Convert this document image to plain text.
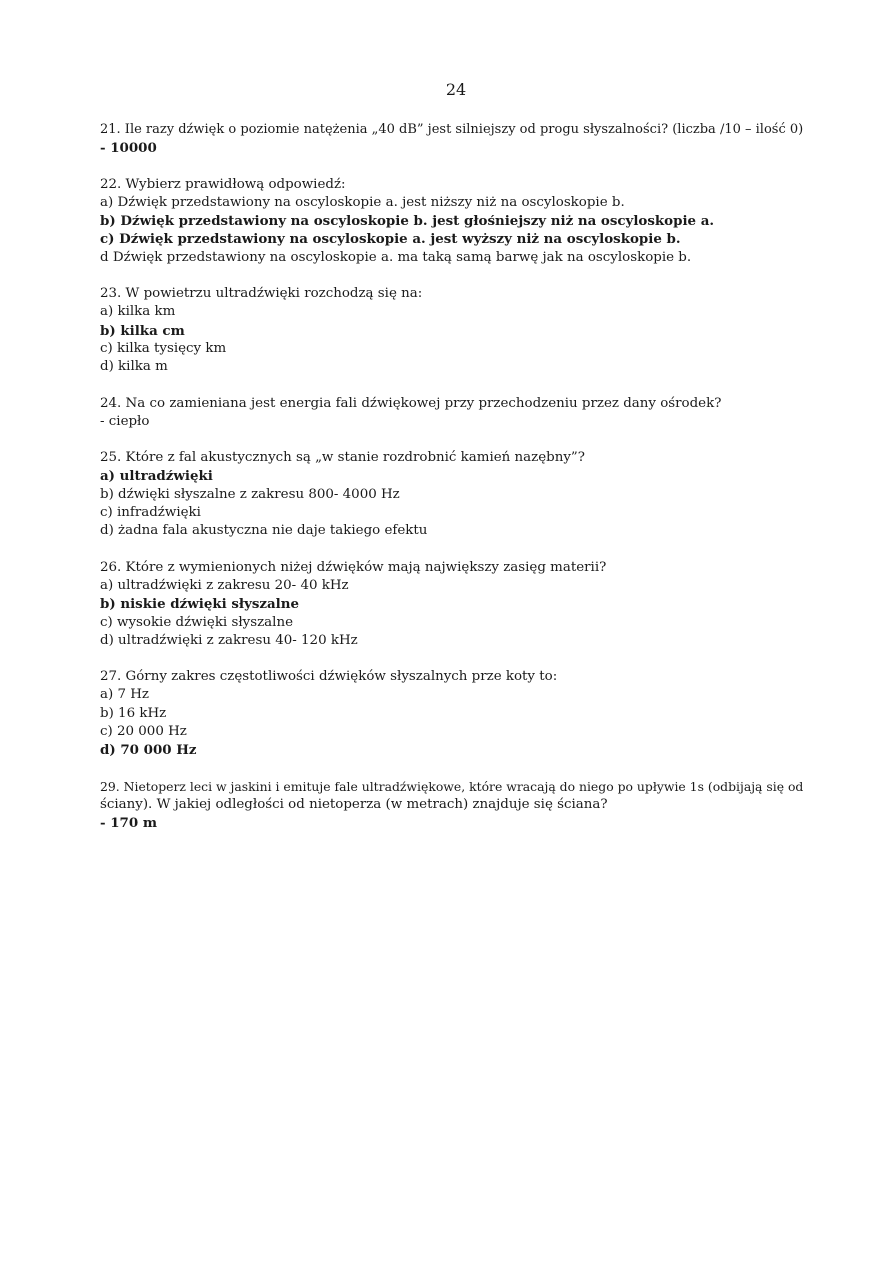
24
21. Ile razy dźwięk o poziomie natężenia „40 dB” jest silniejszy od progu słyszalności? (liczba /10 – ilość 0)
- 10000
22. Wybierz prawidłową odpowiedź:
a) Dźwięk przedstawiony na oscyloskopie a. jest niższy niż na oscyloskopie b.
b) Dźwięk przedstawiony na oscyloskopie b. jest głośniejszy niż na oscyloskopie a.
c) Dźwięk przedstawiony na oscyloskopie a. jest wyższy niż na oscyloskopie b.
d Dźwięk przedstawiony na oscyloskopie a. ma taką samą barwę jak na oscyloskopie b.
23. W powietrzu ultradźwięki rozchodzą się na:
a) kilka km
b) kilka cm
c) kilka tysięcy km
d) kilka m
24. Na co zamieniana jest energia fali dźwiękowej przy przechodzeniu przez dany ośrodek?
- ciepło
25. Które z fal akustycznych są „w stanie rozdrobnić kamień nazębny”?
a) ultradźwięki
b) dźwięki słyszalne z zakresu 800- 4000 Hz
c) infradźwięki
d) żadna fala akustyczna nie daje takiego efektu
26. Które z wymienionych niżej dźwięków mają największy zasięg materii?
a) ultradźwięki z zakresu 20- 40 kHz
b) niskie dźwięki słyszalne
c) wysokie dźwięki słyszalne
d) ultradźwięki z zakresu 40- 120 kHz
27. Górny zakres częstotliwości dźwięków słyszalnych prze koty to:
a) 7 Hz
b) 16 kHz
c) 20 000 Hz
d) 70 000 Hz
29. Nietoperz leci w jaskini i emituje fale ultradźwiękowe, które wracają do niego po upływie 1s (odbijają się od
ściany). W jakiej odległości od nietoperza (w metrach) znajduje się ściana?
- 170 m
